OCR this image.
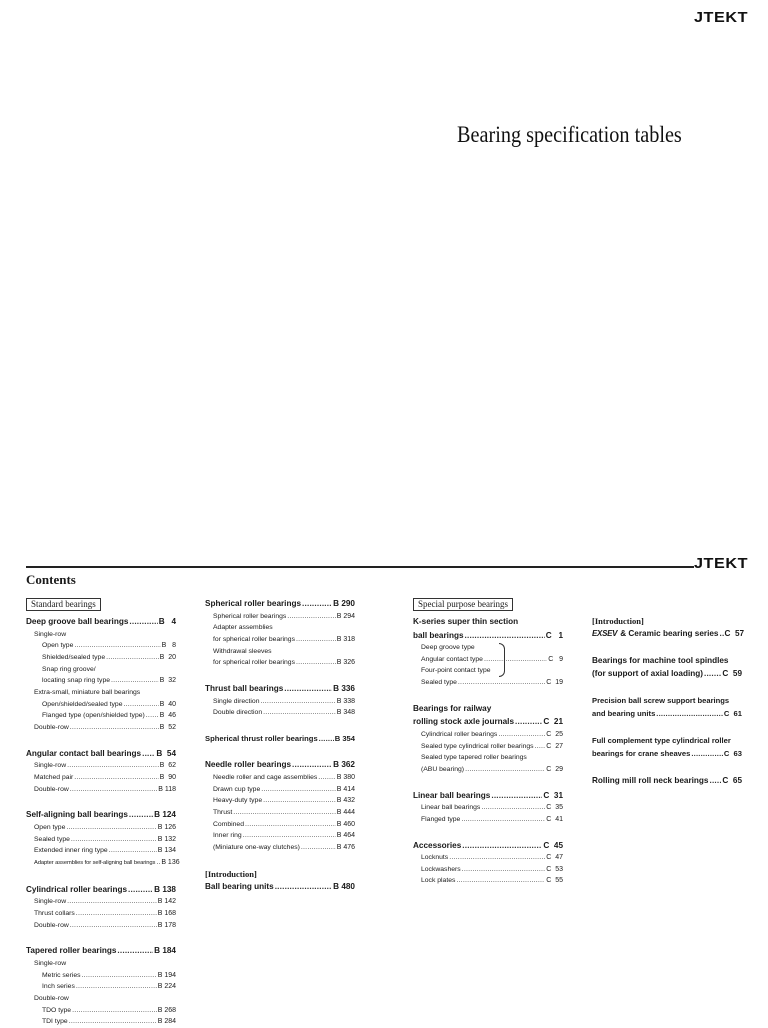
JTEKT
Bearing specification tables
JTEKT
Contents
Standard bearings
Deep groove ball bearings .....	B   4
Single-row
Open type .....	B   8
Shielded/sealed type .....	B  20
Snap ring groove/
locating snap ring type .....	B  32
Extra-small, miniature ball bearings
Open/shielded/sealed type .....	B  40
Flanged type (open/shielded type) ..... B  46
Double-row .....	B  52
Angular contact ball bearings ..... B  54
Single-row .....	B  62
Matched pair .....	B  90
Double-row .....	B 118
Self-aligning ball bearings .....	B 124
Open type .....	B 126
Sealed type .....	B 132
Extended inner ring type .....	B 134
Adapter assemblies for self-aligning ball bearings ..... B 136
Cylindrical roller bearings .....	B 138
Single-row .....	B 142
Thrust collars .....	B 168
Double-row .....	B 178
Tapered roller bearings .....	B 184
Single-row
Metric series .....	B 194
Inch series .....	B 224
Double-row
TDO type .....	B 268
TDI type .....	B 284
Spherical roller bearings .....	B 290
Spherical roller bearings .....	B 294
Adapter assemblies
for spherical roller bearings .....	B 318
Withdrawal sleeves
for spherical roller bearings .....	B 326
Thrust ball bearings .....	B 336
Single direction .....	B 338
Double direction .....	B 348
Spherical thrust roller bearings ..... B 354
Needle roller bearings .....	B 362
Needle roller and cage assemblies .....	B 380
Drawn cup type .....	B 414
Heavy-duty type .....	B 432
Thrust .....	B 444
Combined .....	B 460
Inner ring .....	B 464
(Miniature one-way clutches) .....	B 476
[Introduction]
Ball bearing units .....	B 480
Special purpose bearings
K-series super thin section
ball bearings .....	C   1
Deep groove type
Angular contact type .....	C   9
Four-point contact type
Sealed type .....	C  19
Bearings for railway
rolling stock axle journals .....	C  21
Cylindrical roller bearings .....	C  25
Sealed type cylindrical roller bearings ..... C  27
Sealed type tapered roller bearings
(ABU bearing) .....	C  29
Linear ball bearings .....	C  31
Linear ball bearings .....	C  35
Flanged type .....	C  41
Accessories .....	C  45
Locknuts .....	C  47
Lockwashers .....	C  53
Lock plates .....	C  55
[Introduction]
EXSEV & Ceramic bearing series ..... C  57
Bearings for machine tool spindles
(for support of axial loading) ..... C  59
Precision ball screw support bearings
and bearing units .....	C  61
Full complement type cylindrical roller
bearings for crane sheaves .....	C  63
Rolling mill roll neck bearings ..... C  65
